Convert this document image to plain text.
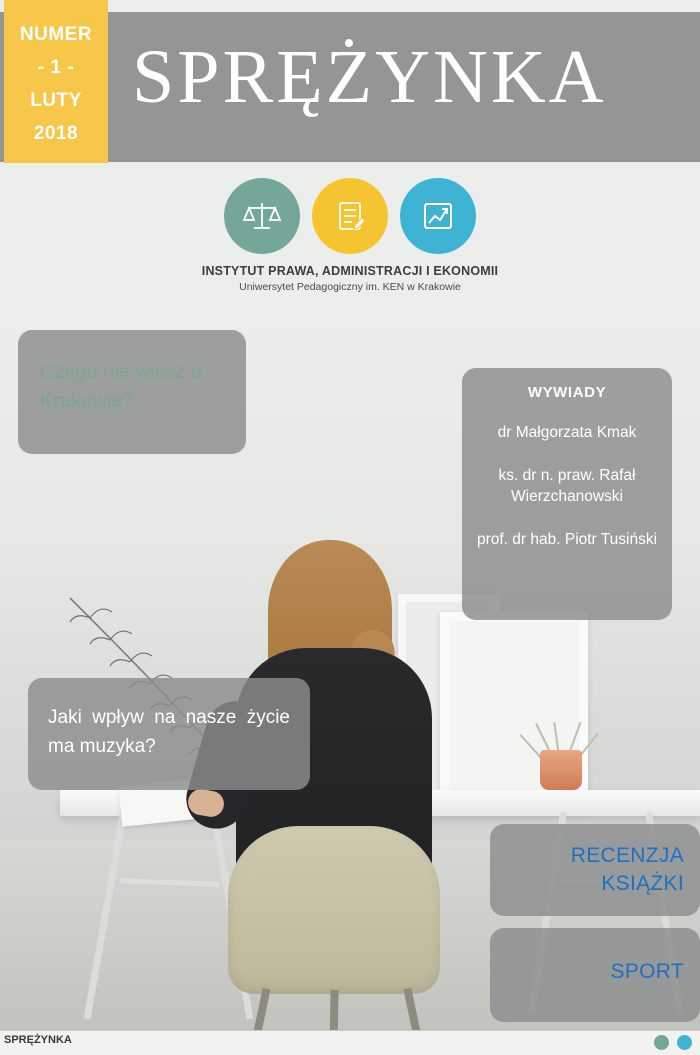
SPRĘŻYNKA
NUMER
- 1 -
LUTY
2018
INSTYTUT PRAWA, ADMINISTRACJI I EKONOMII
Uniwersytet Pedagogiczny im. KEN w Krakowie
Czego nie wiesz o Krakowie?	WYWIADY
dr Małgorzata Kmak
ks. dr n. praw. Rafał Wierzchanowski
prof. dr hab. Piotr Tusiński
Jaki wpływ na nasze życie ma muzyka?
RECENZJA KSIĄŻKI
SPORT
SPRĘŻYNKA
